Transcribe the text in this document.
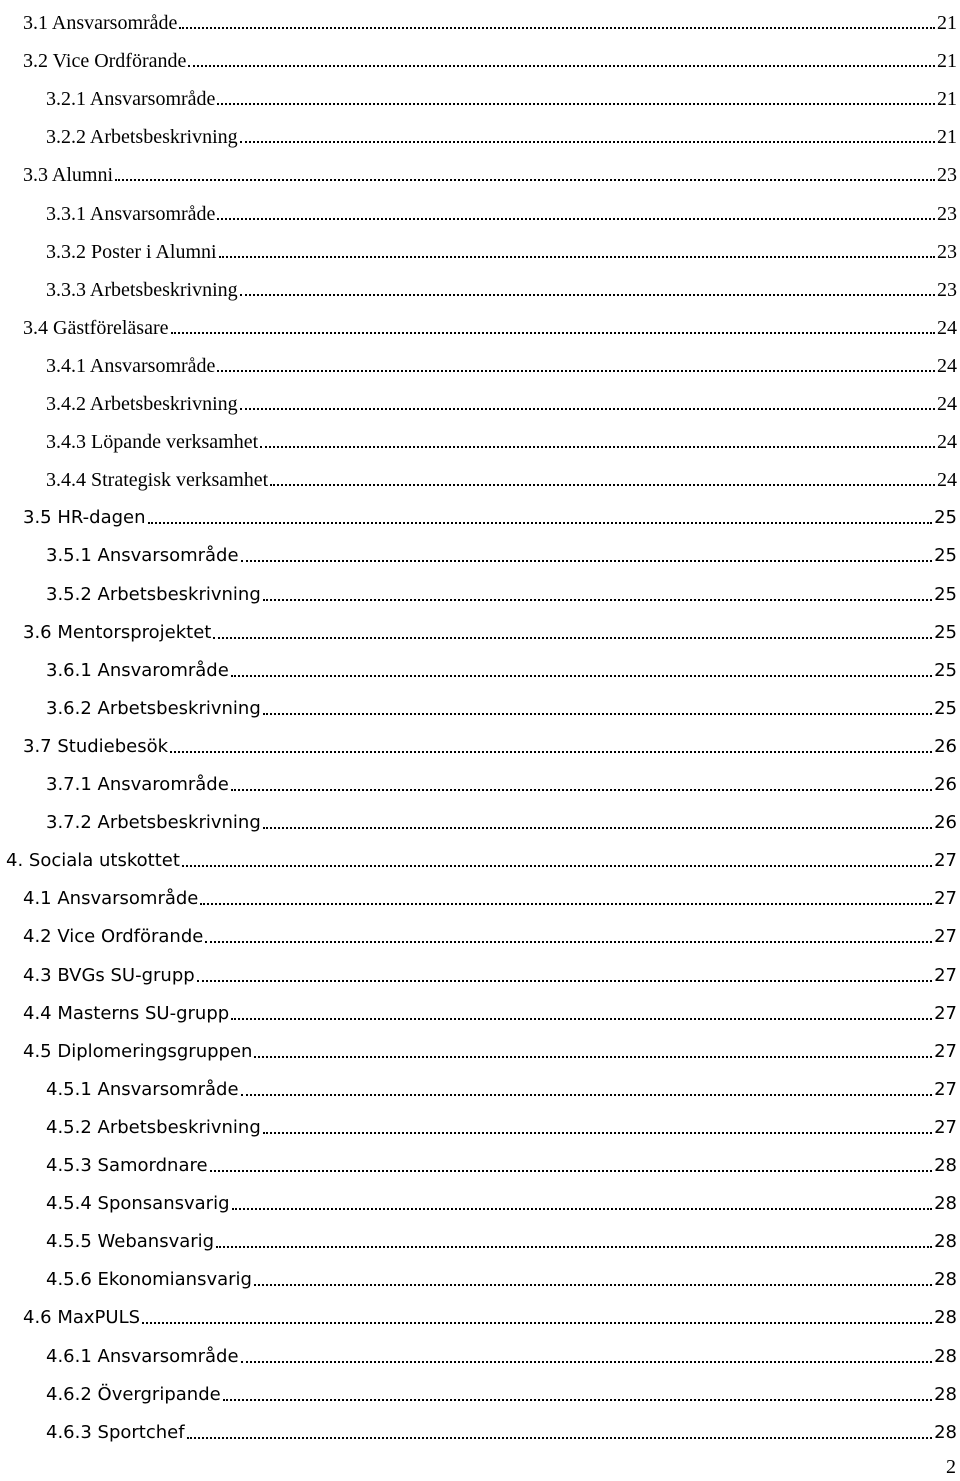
3.1 Ansvarsområde	21
3.2 Vice Ordförande	21
3.2.1 Ansvarsområde	21
3.2.2 Arbetsbeskrivning	21
3.3 Alumni	23
3.3.1 Ansvarsområde	23
3.3.2 Poster i Alumni	23
3.3.3 Arbetsbeskrivning	23
3.4 Gästföreläsare	24
3.4.1 Ansvarsområde	24
3.4.2 Arbetsbeskrivning	24
3.4.3 Löpande verksamhet	24
3.4.4 Strategisk verksamhet	24
3.5 HR-dagen	25
3.5.1 Ansvarsområde	25
3.5.2 Arbetsbeskrivning	25
3.6 Mentorsprojektet	25
3.6.1 Ansvarområde	25
3.6.2 Arbetsbeskrivning	25
3.7 Studiebesök	26
3.7.1 Ansvarområde	26
3.7.2 Arbetsbeskrivning	26
4. Sociala utskottet	27
4.1 Ansvarsområde	27
4.2 Vice Ordförande	27
4.3 BVGs SU-grupp	27
4.4 Masterns SU-grupp	27
4.5 Diplomeringsgruppen	27
4.5.1 Ansvarsområde	27
4.5.2 Arbetsbeskrivning	27
4.5.3 Samordnare	28
4.5.4 Sponsansvarig	28
4.5.5 Webansvarig	28
4.5.6 Ekonomiansvarig	28
4.6 MaxPULS	28
4.6.1 Ansvarsområde	28
4.6.2 Övergripande	28
4.6.3 Sportchef	28
2
